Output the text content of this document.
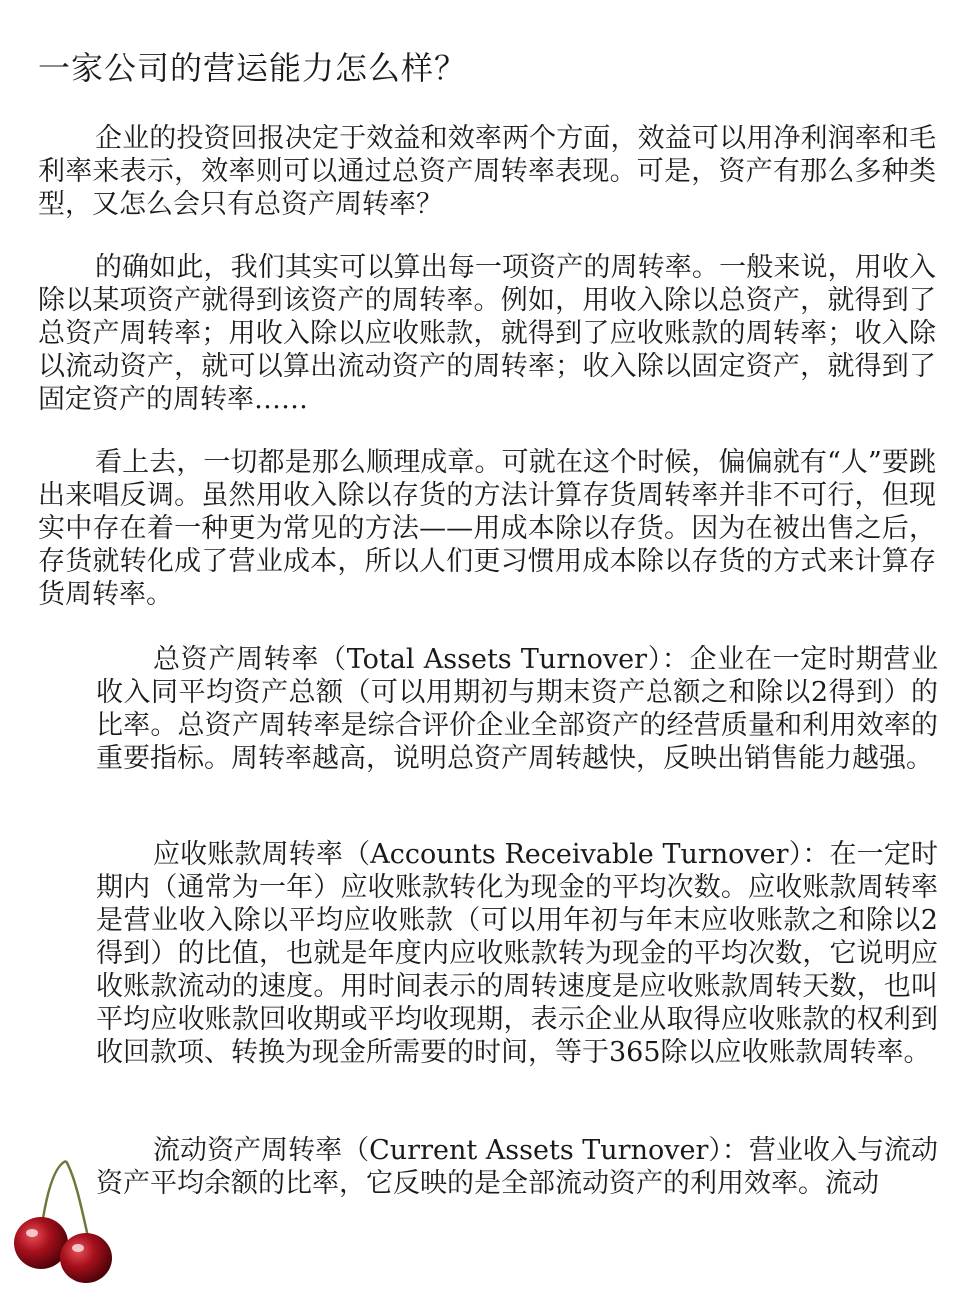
一家公司的营运能力怎么样？

企业的投资回报决定于效益和效率两个方面，效益可以用净利润率和毛利率来表示，效率则可以通过总资产周转率表现。可是，资产有那么多种类型，又怎么会只有总资产周转率？

的确如此，我们其实可以算出每一项资产的周转率。一般来说，用收入除以某项资产就得到该资产的周转率。例如，用收入除以总资产，就得到了总资产周转率；用收入除以应收账款，就得到了应收账款的周转率；收入除以流动资产，就可以算出流动资产的周转率；收入除以固定资产，就得到了固定资产的周转率……

看上去，一切都是那么顺理成章。可就在这个时候，偏偏就有“人”要跳出来唱反调。虽然用收入除以存货的方法计算存货周转率并非不可行，但现实中存在着一种更为常见的方法——用成本除以存货。因为在被出售之后，存货就转化成了营业成本，所以人们更习惯用成本除以存货的方式来计算存货周转率。

总资产周转率（Total Assets Turnover）：企业在一定时期营业收入同平均资产总额（可以用期初与期末资产总额之和除以2得到）的比率。总资产周转率是综合评价企业全部资产的经营质量和利用效率的重要指标。周转率越高，说明总资产周转越快，反映出销售能力越强。

应收账款周转率（Accounts Receivable Turnover）：在一定时期内（通常为一年）应收账款转化为现金的平均次数。应收账款周转率是营业收入除以平均应收账款（可以用年初与年末应收账款之和除以2得到）的比值，也就是年度内应收账款转为现金的平均次数，它说明应收账款流动的速度。用时间表示的周转速度是应收账款周转天数，也叫平均应收账款回收期或平均收现期，表示企业从取得应收账款的权利到收回款项、转换为现金所需要的时间，等于365除以应收账款周转率。

流动资产周转率（Current Assets Turnover）：营业收入与流动资产平均余额的比率，它反映的是全部流动资产的利用效率。流动
